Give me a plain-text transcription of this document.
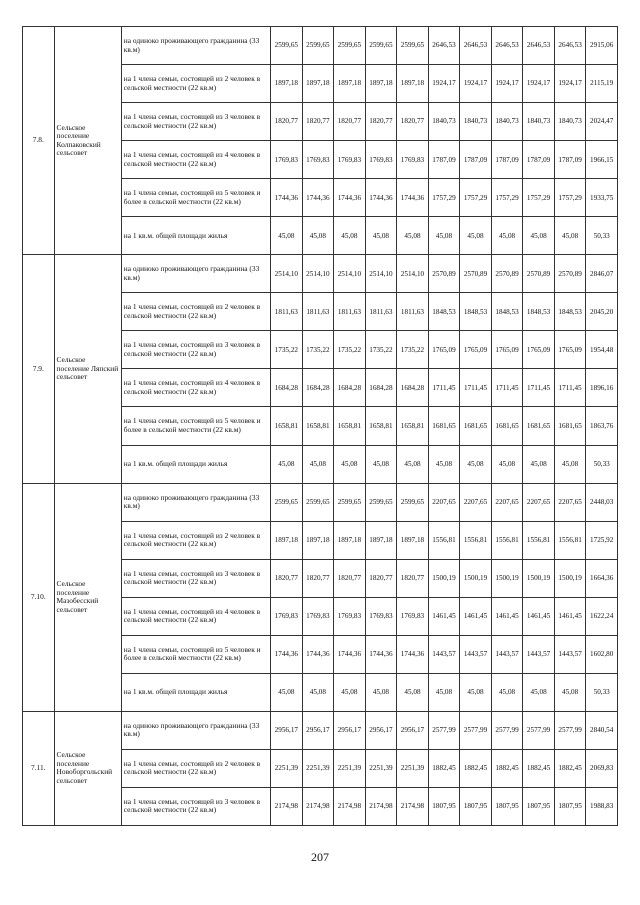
7.8.	Сельское поселение Колпаковский сельсовет	на одиноко проживающего гражданина (33 кв.м)	2599,65	2599,65	2599,65	2599,65	2599,65	2646,53	2646,53	2646,53	2646,53	2646,53	2915,06
		на 1 члена семьи, состоящей из 2 человек в сельской местности (22 кв.м)	1897,18	1897,18	1897,18	1897,18	1897,18	1924,17	1924,17	1924,17	1924,17	1924,17	2115,19
		на 1 члена семьи, состоящей из 3 человек в сельской местности (22 кв.м)	1820,77	1820,77	1820,77	1820,77	1820,77	1840,73	1840,73	1840,73	1840,73	1840,73	2024,47
		на 1 члена семьи, состоящей из 4 человек в сельской местности (22 кв.м)	1769,83	1769,83	1769,83	1769,83	1769,83	1787,09	1787,09	1787,09	1787,09	1787,09	1966,15
		на 1 члена семьи, состоящей из 5 человек и более в сельской местности (22 кв.м)	1744,36	1744,36	1744,36	1744,36	1744,36	1757,29	1757,29	1757,29	1757,29	1757,29	1933,75
		на 1 кв.м. общей площади жилья	45,08	45,08	45,08	45,08	45,08	45,08	45,08	45,08	45,08	45,08	50,33
7.9.	Сельское поселение Ляпский сельсовет	на одиноко проживающего гражданина (33 кв.м)	2514,10	2514,10	2514,10	2514,10	2514,10	2570,89	2570,89	2570,89	2570,89	2570,89	2846,07
		на 1 члена семьи, состоящей из 2 человек в сельской местности (22 кв.м)	1811,63	1811,63	1811,63	1811,63	1811,63	1848,53	1848,53	1848,53	1848,53	1848,53	2045,20
		на 1 члена семьи, состоящей из 3 человек в сельской местности (22 кв.м)	1735,22	1735,22	1735,22	1735,22	1735,22	1765,09	1765,09	1765,09	1765,09	1765,09	1954,48
		на 1 члена семьи, состоящей из 4 человек в сельской местности (22 кв.м)	1684,28	1684,28	1684,28	1684,28	1684,28	1711,45	1711,45	1711,45	1711,45	1711,45	1896,16
		на 1 члена семьи, состоящей из 5 человек и более в сельской местности (22 кв.м)	1658,81	1658,81	1658,81	1658,81	1658,81	1681,65	1681,65	1681,65	1681,65	1681,65	1863,76
		на 1 кв.м. общей площади жилья	45,08	45,08	45,08	45,08	45,08	45,08	45,08	45,08	45,08	45,08	50,33
7.10.	Сельское поселение Мазобесский сельсовет	на одиноко проживающего гражданина (33 кв.м)	2599,65	2599,65	2599,65	2599,65	2599,65	2207,65	2207,65	2207,65	2207,65	2207,65	2448,03
		на 1 члена семьи, состоящей из 2 человек в сельской местности (22 кв.м)	1897,18	1897,18	1897,18	1897,18	1897,18	1556,81	1556,81	1556,81	1556,81	1556,81	1725,92
		на 1 члена семьи, состоящей из 3 человек в сельской местности (22 кв.м)	1820,77	1820,77	1820,77	1820,77	1820,77	1500,19	1500,19	1500,19	1500,19	1500,19	1664,36
		на 1 члена семьи, состоящей из 4 человек в сельской местности (22 кв.м)	1769,83	1769,83	1769,83	1769,83	1769,83	1461,45	1461,45	1461,45	1461,45	1461,45	1622,24
		на 1 члена семьи, состоящей из 5 человек и более в сельской местности (22 кв.м)	1744,36	1744,36	1744,36	1744,36	1744,36	1443,57	1443,57	1443,57	1443,57	1443,57	1602,80
		на 1 кв.м. общей площади жилья	45,08	45,08	45,08	45,08	45,08	45,08	45,08	45,08	45,08	45,08	50,33
7.11.	Сельское поселение Новоборгольский сельсовет	на одиноко проживающего гражданина (33 кв.м)	2956,17	2956,17	2956,17	2956,17	2956,17	2577,99	2577,99	2577,99	2577,99	2577,99	2840,54
		на 1 члена семьи, состоящей из 2 человек в сельской местности (22 кв.м)	2251,39	2251,39	2251,39	2251,39	2251,39	1882,45	1882,45	1882,45	1882,45	1882,45	2069,83
		на 1 члена семьи, состоящей из 3 человек в сельской местности (22 кв.м)	2174,98	2174,98	2174,98	2174,98	2174,98	1807,95	1807,95	1807,95	1807,95	1807,95	1988,83
207
